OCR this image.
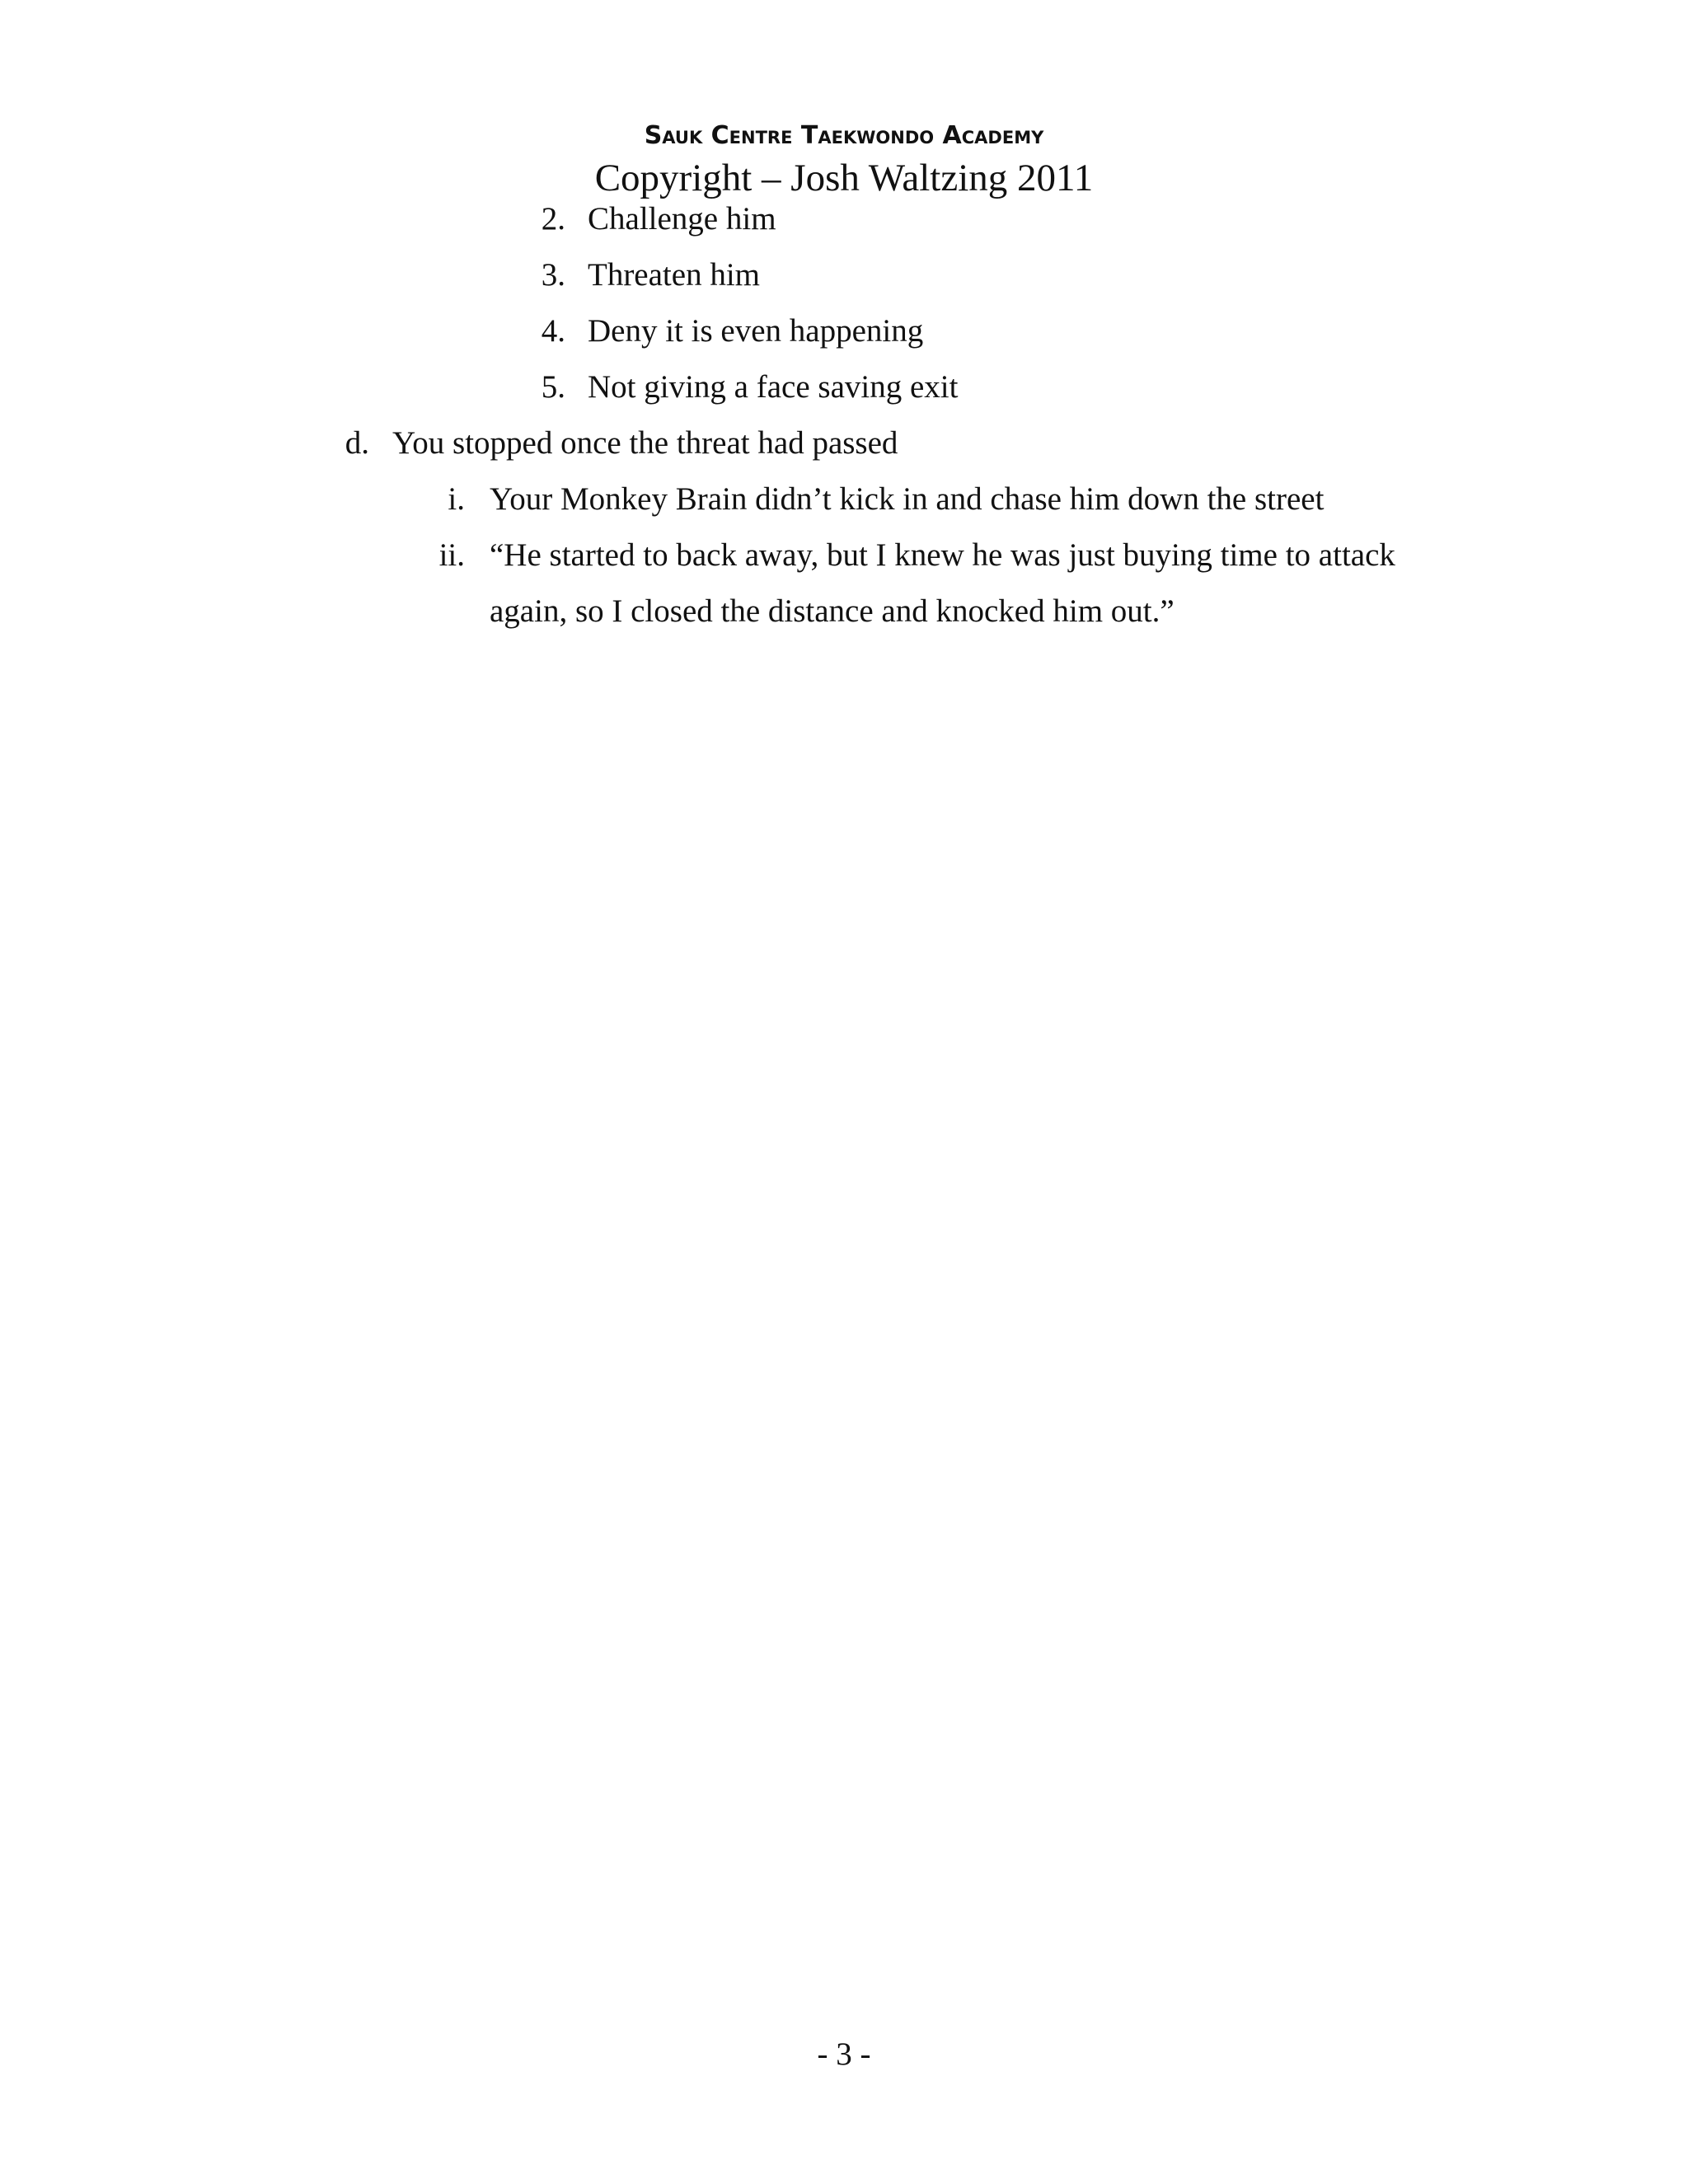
Sauk Centre Taekwondo Academy
Copyright – Josh Waltzing 2011
2. Challenge him
3. Threaten him
4. Deny it is even happening
5. Not giving a face saving exit
d. You stopped once the threat had passed
i. Your Monkey Brain didn’t kick in and chase him down the street
ii. “He started to back away, but I knew he was just buying time to attack
again, so I closed the distance and knocked him out.”
- 3 -
